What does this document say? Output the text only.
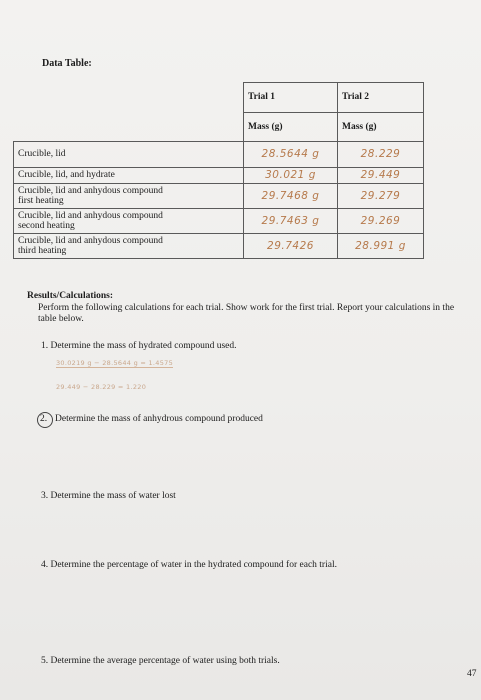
Data Table:
	Trial 1	Trial 2
	Mass (g)	Mass (g)
Crucible, lid	28.5644 g	28.229
Crucible, lid, and hydrate	30.021 g	29.449
Crucible, lid and anhydous compound
first heating	29.7468 g	29.279
Crucible, lid and anhydous compound
second heating	29.7463 g	29.269
Crucible, lid and anhydous compound
third heating	29.7426	28.991 g
Results/Calculations:
Perform the following calculations for each trial. Show work for the first trial. Report your calculations in the table below.
1. Determine the mass of hydrated compound used.
30.0219 g − 28.5644 g = 1.4575
29.449 − 28.229 = 1.220
2. Determine the mass of anhydrous compound produced
3. Determine the mass of water lost
4. Determine the percentage of water in the hydrated compound for each trial.
5. Determine the average percentage of water using both trials.
47
